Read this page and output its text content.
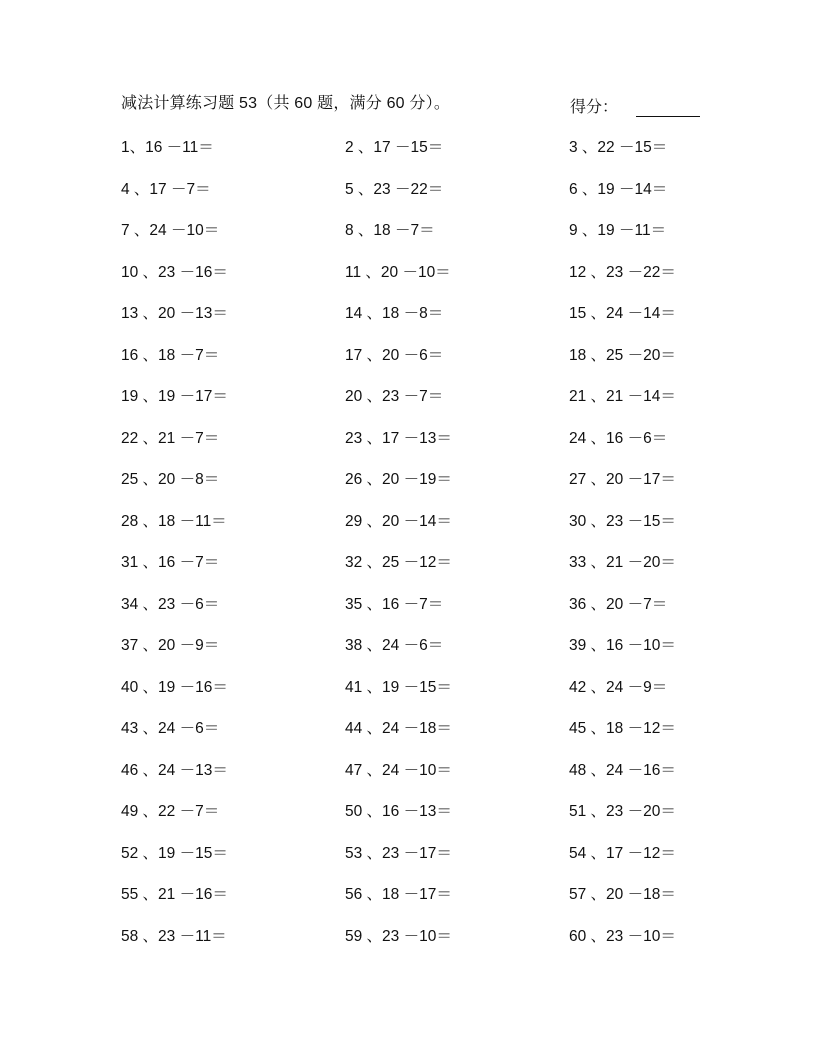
减法计算练习题 53（共 60 题，满分 60 分）。	得分：
1、16 －11＝	2 、17 －15＝	3 、22 －15＝
4 、17 －7＝	5 、23 －22＝	6 、19 －14＝
7 、24 －10＝	8 、18 －7＝	9 、19 －11＝
10 、23 －16＝	11 、20 －10＝	12 、23 －22＝
13 、20 －13＝	14 、18 －8＝	15 、24 －14＝
16 、18 －7＝	17 、20 －6＝	18 、25 －20＝
19 、19 －17＝	20 、23 －7＝	21 、21 －14＝
22 、21 －7＝	23 、17 －13＝	24 、16 －6＝
25 、20 －8＝	26 、20 －19＝	27 、20 －17＝
28 、18 －11＝	29 、20 －14＝	30 、23 －15＝
31 、16 －7＝	32 、25 －12＝	33 、21 －20＝
34 、23 －6＝	35 、16 －7＝	36 、20 －7＝
37 、20 －9＝	38 、24 －6＝	39 、16 －10＝
40 、19 －16＝	41 、19 －15＝	42 、24 －9＝
43 、24 －6＝	44 、24 －18＝	45 、18 －12＝
46 、24 －13＝	47 、24 －10＝	48 、24 －16＝
49 、22 －7＝	50 、16 －13＝	51 、23 －20＝
52 、19 －15＝	53 、23 －17＝	54 、17 －12＝
55 、21 －16＝	56 、18 －17＝	57 、20 －18＝
58 、23 －11＝	59 、23 －10＝	60 、23 －10＝
